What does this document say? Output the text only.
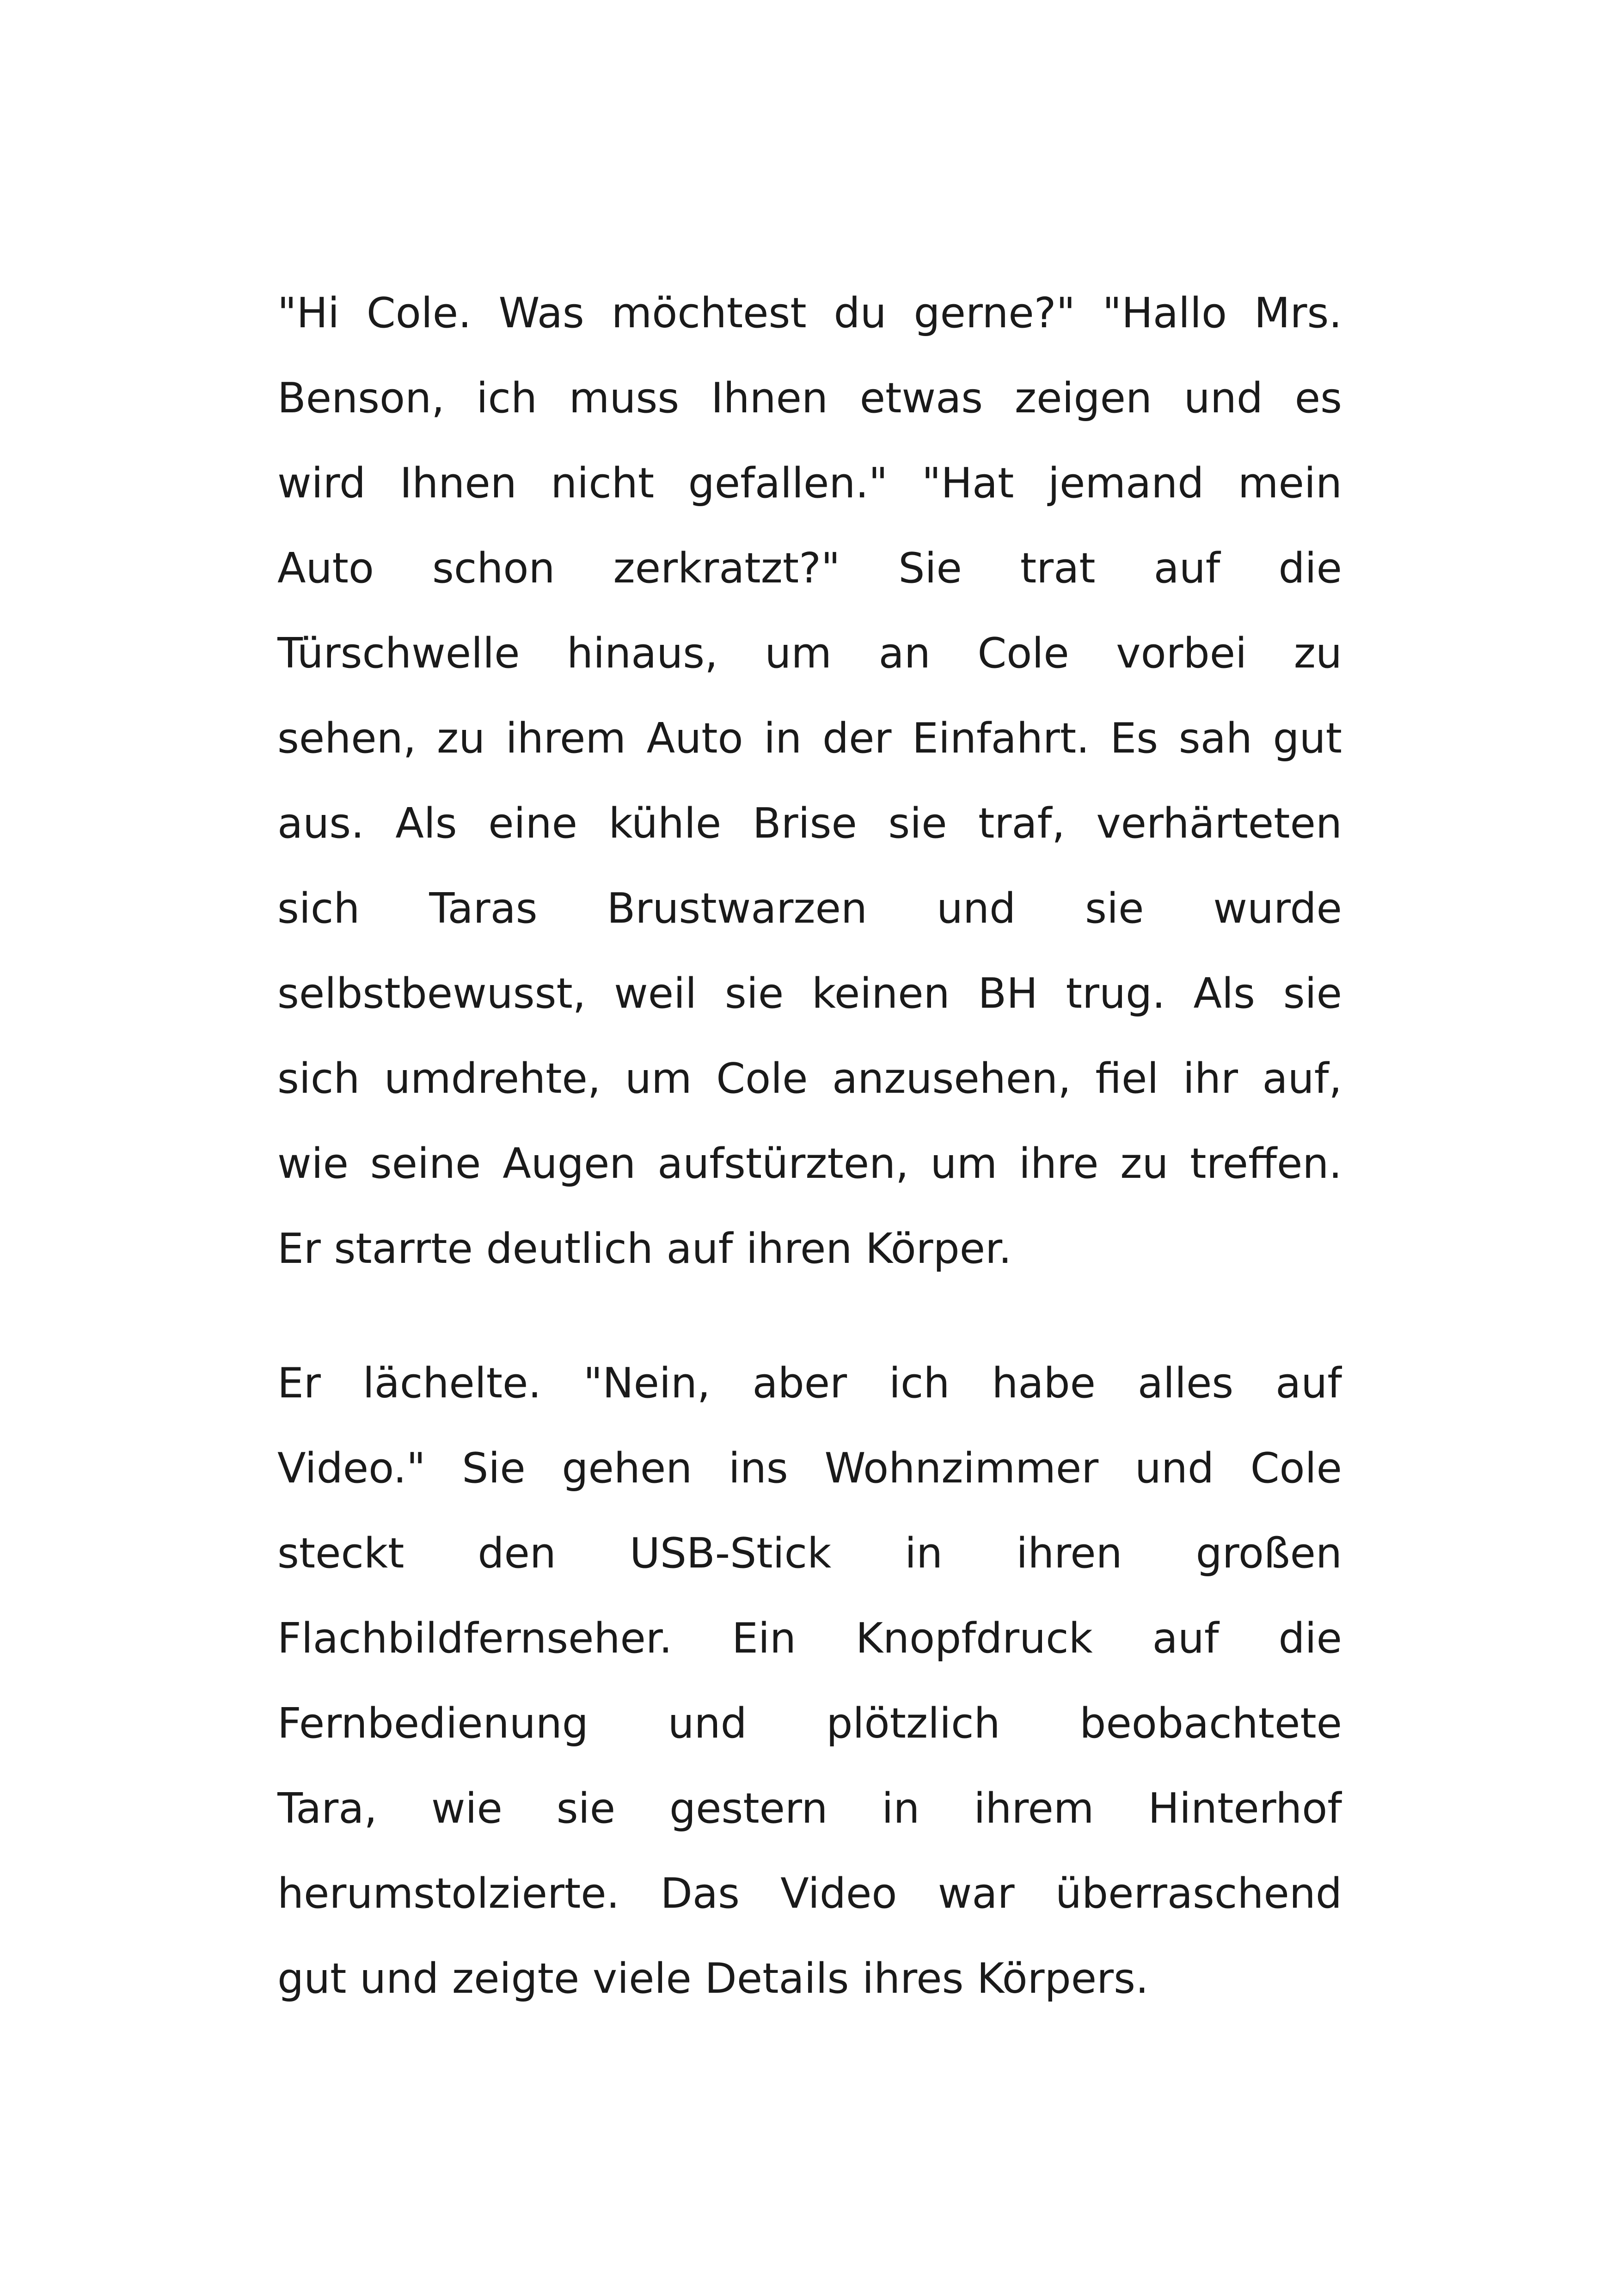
"Hi Cole. Was möchtest du gerne?" "Hallo Mrs.
Benson, ich muss Ihnen etwas zeigen und es
wird Ihnen nicht gefallen." "Hat jemand mein
Auto schon zerkratzt?" Sie trat auf die
Türschwelle hinaus, um an Cole vorbei zu
sehen, zu ihrem Auto in der Einfahrt. Es sah gut
aus. Als eine kühle Brise sie traf, verhärteten
sich Taras Brustwarzen und sie wurde
selbstbewusst, weil sie keinen BH trug. Als sie
sich umdrehte, um Cole anzusehen, fiel ihr auf,
wie seine Augen aufstürzten, um ihre zu treffen.
Er starrte deutlich auf ihren Körper.
Er lächelte. "Nein, aber ich habe alles auf
Video." Sie gehen ins Wohnzimmer und Cole
steckt den USB-Stick in ihren großen
Flachbildfernseher. Ein Knopfdruck auf die
Fernbedienung und plötzlich beobachtete
Tara, wie sie gestern in ihrem Hinterhof
herumstolzierte. Das Video war überraschend
gut und zeigte viele Details ihres Körpers.
